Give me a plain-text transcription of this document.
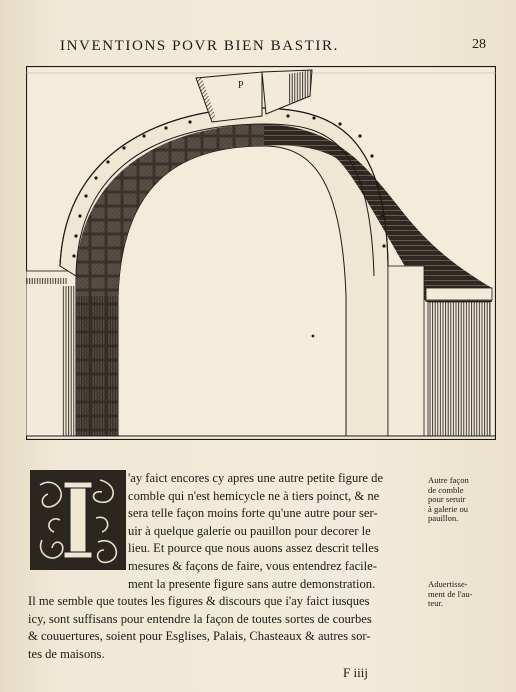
INVENTIONS POVR BIEN BASTIR.	28
P
'ay faict encores cy apres une autre petite figure de
comble qui n'est hemicycle ne à tiers poinct, & ne
sera telle façon moins forte qu'une autre pour ser-
uir à quelque galerie ou pauillon pour decorer le
lieu. Et pource que nous auons assez descrit telles
mesures & façons de faire, vous entendrez facile-
ment la presente figure sans autre demonstration.
Il me semble que toutes les figures & discours que i'ay faict iusques
icy, sont suffisans pour entendre la façon de toutes sortes de courbes
& couuertures, soient pour Esglises, Palais, Chasteaux & autres sor-
tes de maisons.
Autre façon
de comble
pour seruir
à galerie ou
pauillon.
Aduertisse-
ment de l'au-
teur.
F iiij
